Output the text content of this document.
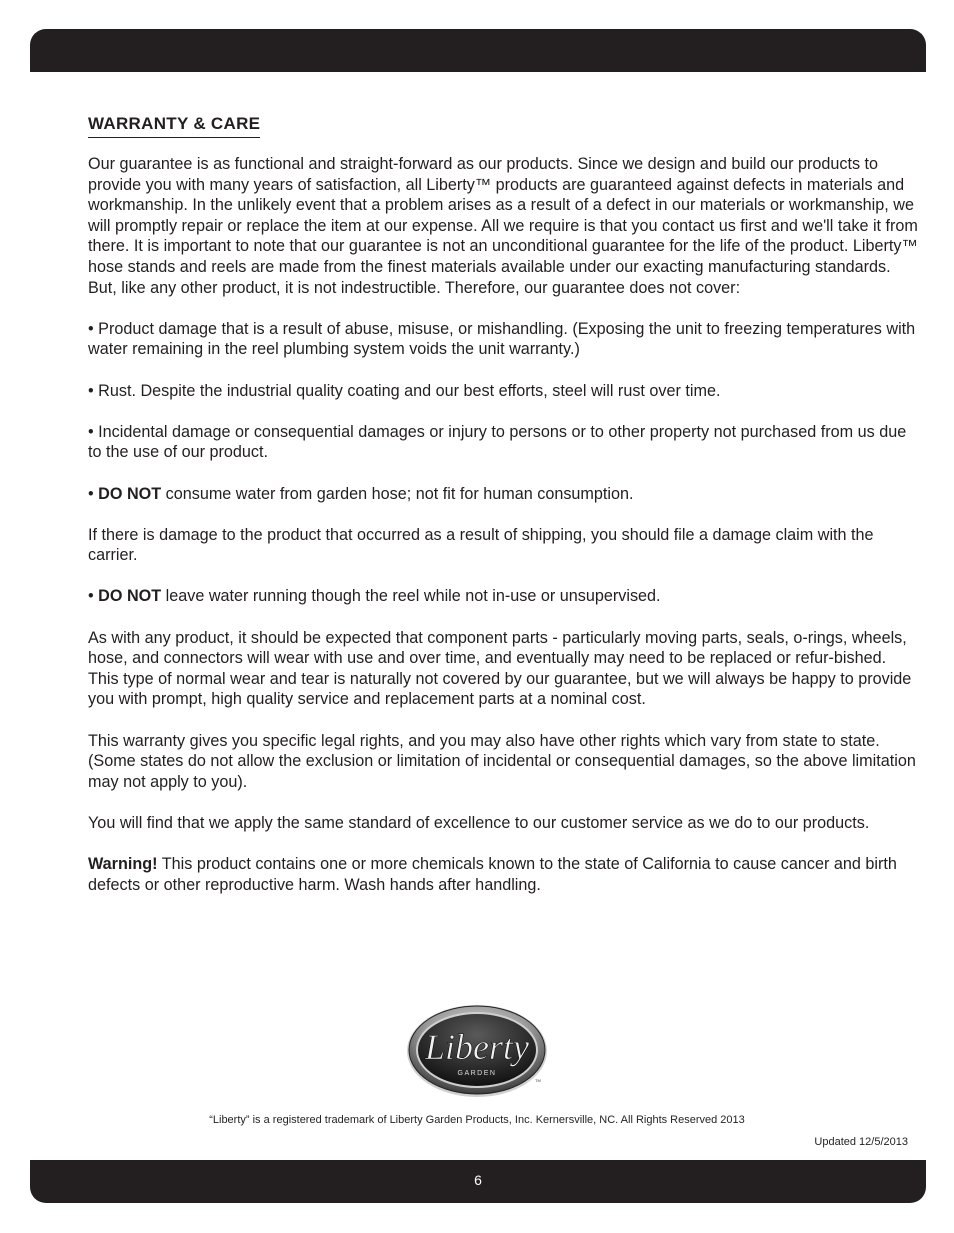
WARRANTY & CARE

Our guarantee is as functional and straight-forward as our products. Since we design and build our products to provide you with many years of satisfaction, all Liberty™ products are guaranteed against defects in materials and workmanship. In the unlikely event that a problem arises as a result of a defect in our materials or workmanship, we will promptly repair or replace the item at our expense. All we require is that you contact us first and we'll take it from there. It is important to note that our guarantee is not an unconditional guarantee for the life of the product. Liberty™ hose stands and reels are made from the finest materials available under our exacting manufacturing standards. But, like any other product, it is not indestructible. Therefore, our guarantee does not cover:

• Product damage that is a result of abuse, misuse, or mishandling. (Exposing the unit to freezing temperatures with water remaining in the reel plumbing system voids the unit warranty.)

• Rust. Despite the industrial quality coating and our best efforts, steel will rust over time.

• Incidental damage or consequential damages or injury to persons or to other property not purchased from us due to the use of our product.

• DO NOT consume water from garden hose; not fit for human consumption.

If there is damage to the product that occurred as a result of shipping, you should file a damage claim with the carrier.

• DO NOT leave water running though the reel while not in-use or unsupervised.

As with any product, it should be expected that component parts - particularly moving parts, seals, o-rings, wheels, hose, and connectors will wear with use and over time, and eventually may need to be replaced or refur-bished. This type of normal wear and tear is naturally not covered by our guarantee, but we will always be happy to provide you with prompt, high quality service and replacement parts at a nominal cost.

This warranty gives you specific legal rights, and you may also have other rights which vary from state to state. (Some states do not allow the exclusion or limitation of incidental or consequential damages, so the above limitation may not apply to you).

You will find that we apply the same standard of excellence to our customer service as we do to our products.

Warning! This product contains one or more chemicals known to the state of California to cause cancer and birth defects or other reproductive harm. Wash hands after handling.

Liberty
GARDEN
TM
“Liberty” is a registered trademark of Liberty Garden Products, Inc. Kernersville, NC. All Rights Reserved 2013
Updated 12/5/2013
6
